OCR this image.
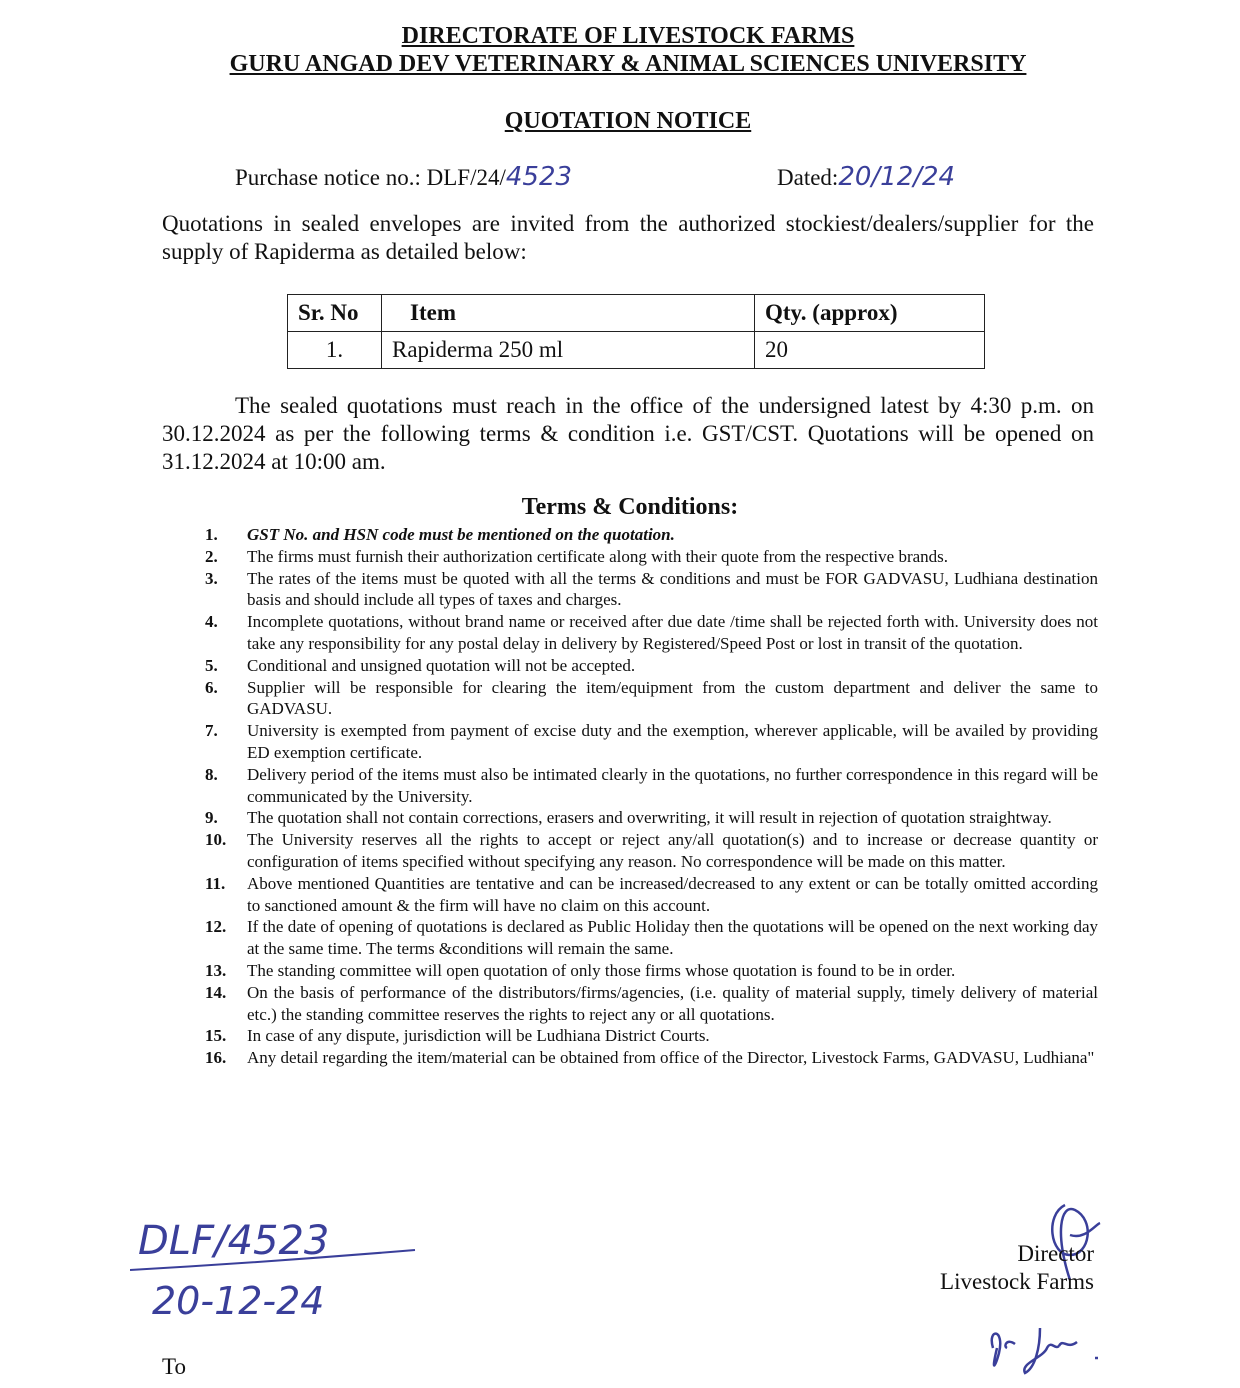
DIRECTORATE OF LIVESTOCK FARMS
GURU ANGAD DEV VETERINARY & ANIMAL SCIENCES UNIVERSITY
QUOTATION NOTICE
Purchase notice no.: DLF/24/4523	Dated:20/12/24
Quotations in sealed envelopes are invited from the authorized stockiest/dealers/supplier for the supply of Rapiderma as detailed below:
Sr. No	Item	Qty. (approx)
1.	Rapiderma 250 ml	20
The sealed quotations must reach in the office of the undersigned latest by 4:30 p.m. on 30.12.2024 as per the following terms & condition i.e. GST/CST. Quotations will be opened on 31.12.2024 at 10:00 am.
Terms & Conditions:
1.	GST No. and HSN code must be mentioned on the quotation.
2.	The firms must furnish their authorization certificate along with their quote from the respective brands.
3.	The rates of the items must be quoted with all the terms & conditions and must be FOR GADVASU, Ludhiana destination basis and should include all types of taxes and charges.
4.	Incomplete quotations, without brand name or received after due date /time shall be rejected forth with. University does not take any responsibility for any postal delay in delivery by Registered/Speed Post or lost in transit of the quotation.
5.	Conditional and unsigned quotation will not be accepted.
6.	Supplier will be responsible for clearing the item/equipment from the custom department and deliver the same to GADVASU.
7.	University is exempted from payment of excise duty and the exemption, wherever applicable, will be availed by providing ED exemption certificate.
8.	Delivery period of the items must also be intimated clearly in the quotations, no further correspondence in this regard will be communicated by the University.
9.	The quotation shall not contain corrections, erasers and overwriting, it will result in rejection of quotation straightway.
10.	The University reserves all the rights to accept or reject any/all quotation(s) and to increase or decrease quantity or configuration of items specified without specifying any reason. No correspondence will be made on this matter.
11.	Above mentioned Quantities are tentative and can be increased/decreased to any extent or can be totally omitted according to sanctioned amount & the firm will have no claim on this account.
12.	If the date of opening of quotations is declared as Public Holiday then the quotations will be opened on the next working day at the same time. The terms &conditions will remain the same.
13.	The standing committee will open quotation of only those firms whose quotation is found to be in order.
14.	On the basis of performance of the distributors/firms/agencies, (i.e. quality of material supply, timely delivery of material etc.) the standing committee reserves the rights to reject any or all quotations.
15.	In case of any dispute, jurisdiction will be Ludhiana District Courts.
16.	Any detail regarding the item/material can be obtained from office of the Director, Livestock Farms, GADVASU, Ludhiana"
DLF/4523
20-12-24
Director
Livestock Farms
To
